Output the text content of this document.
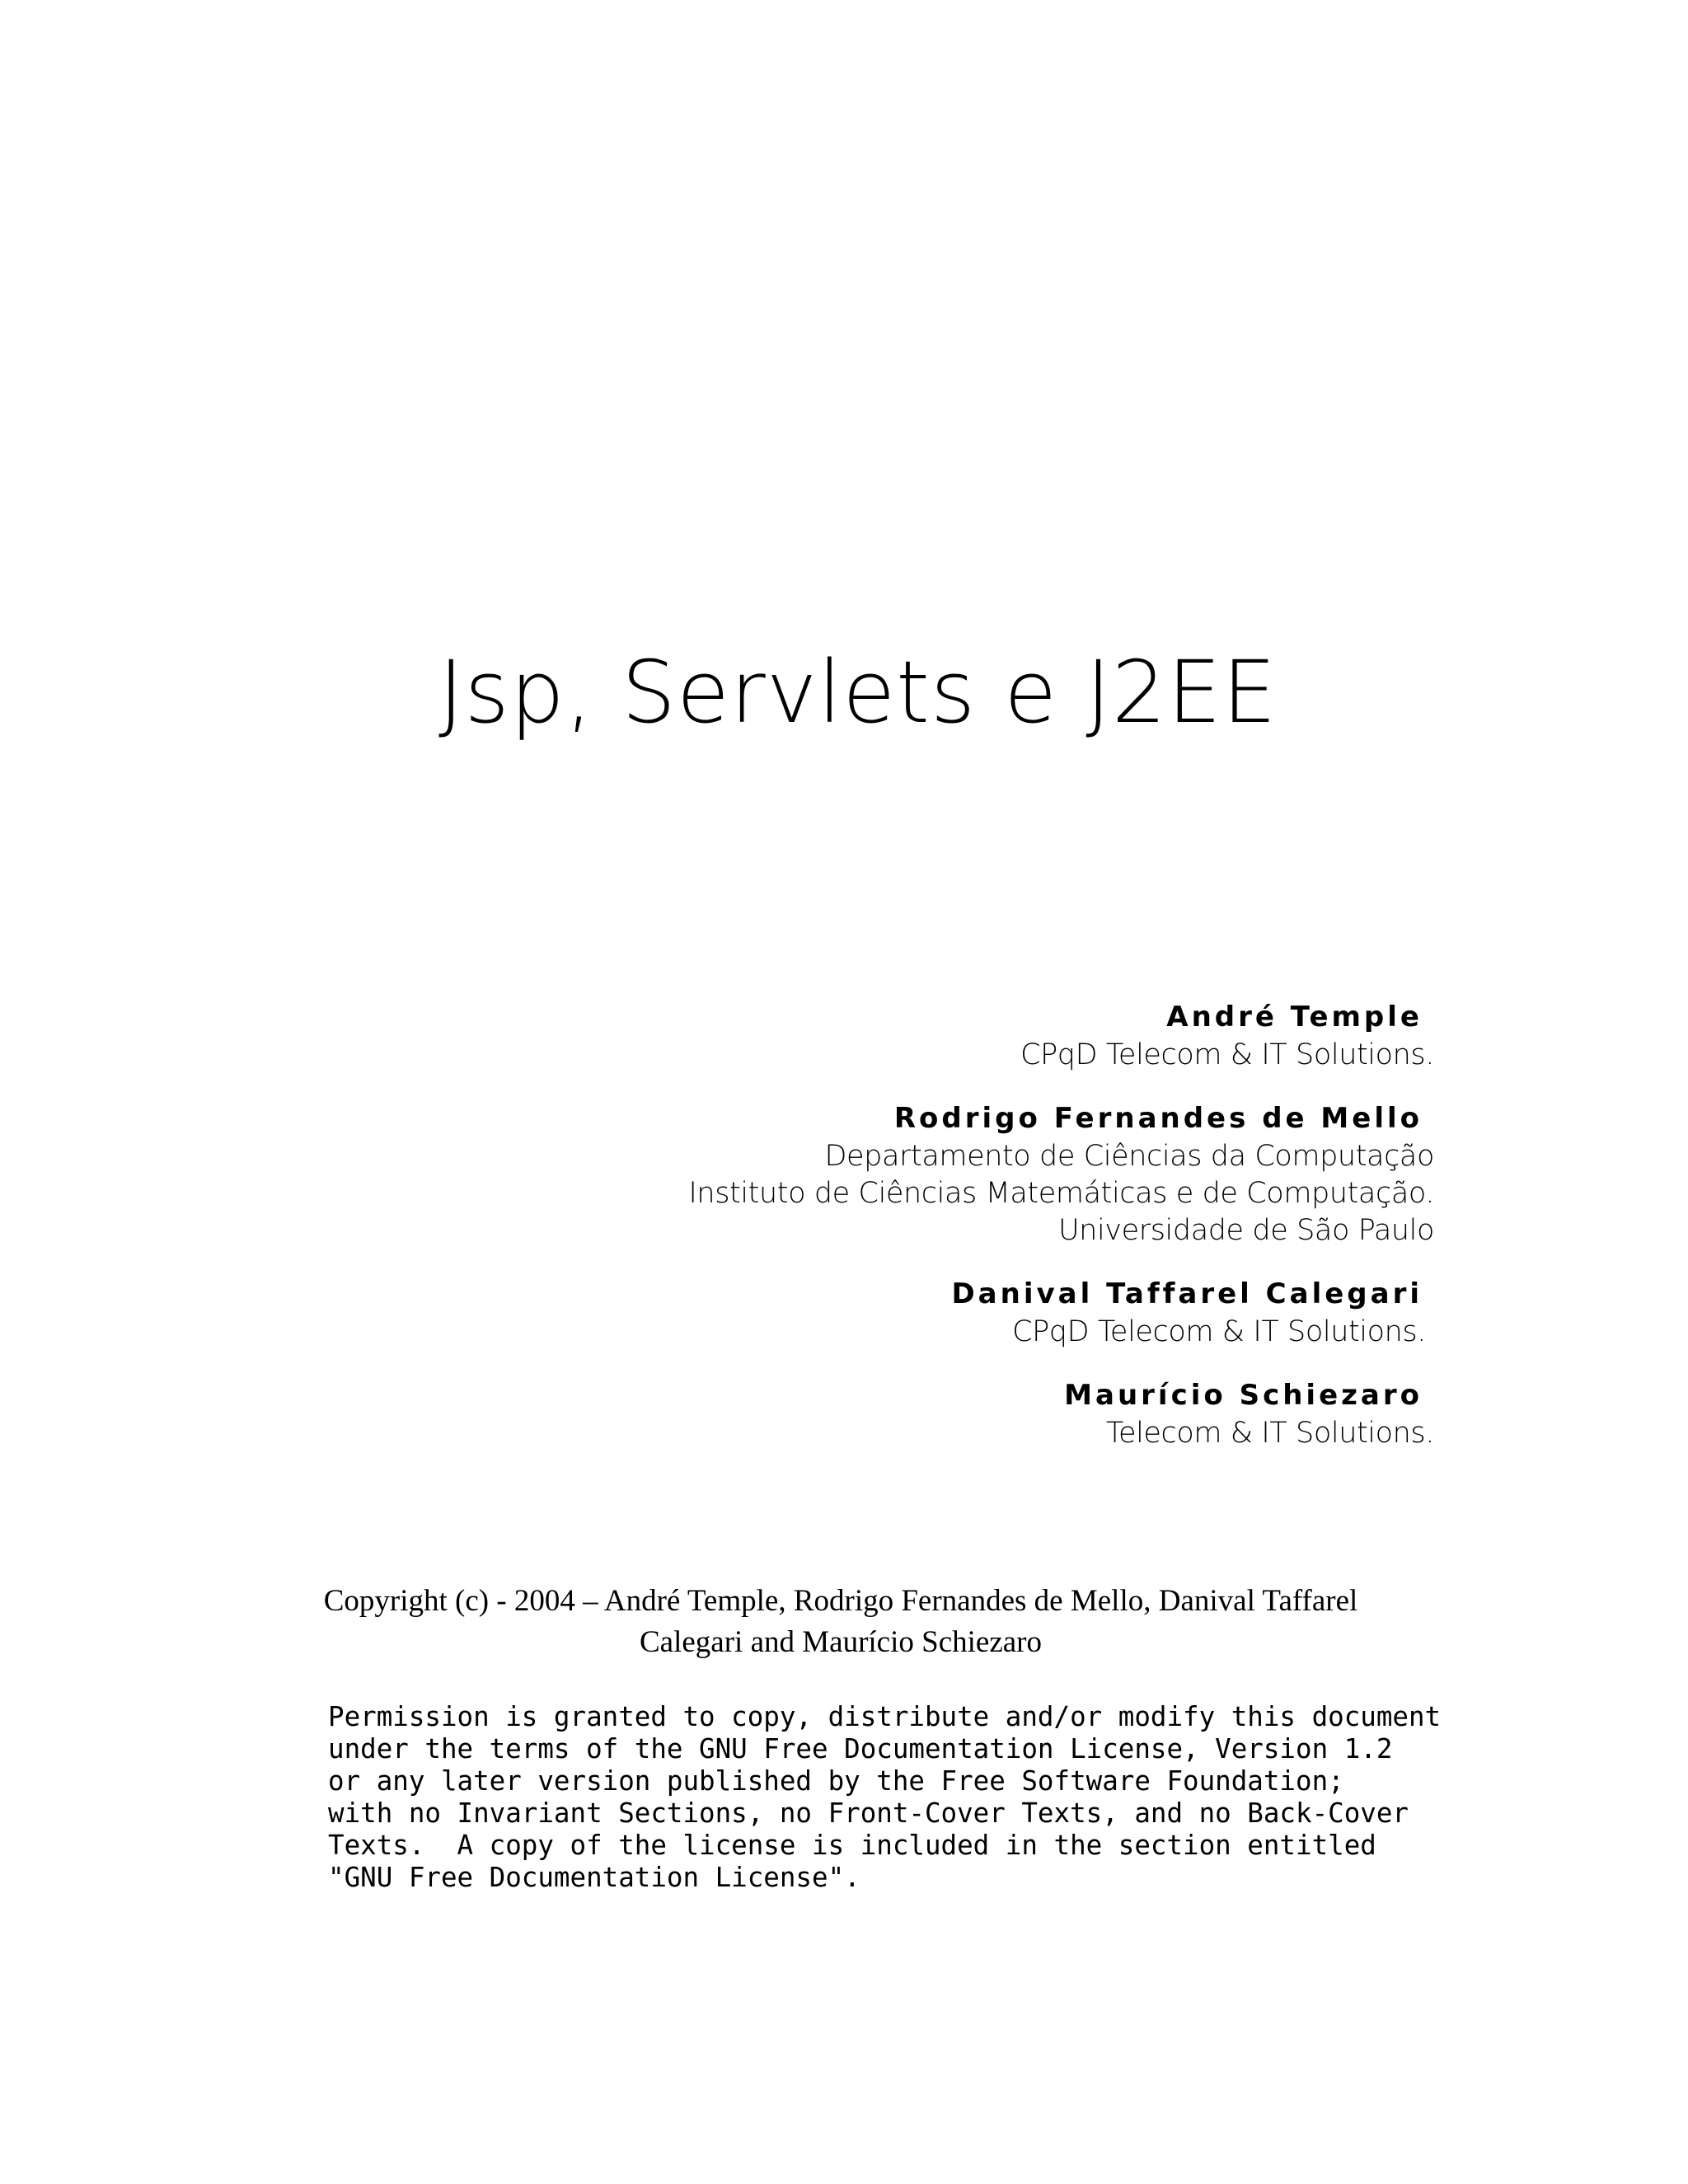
Jsp, Servlets e J2EE
André Temple
CPqD Telecom & IT Solutions.
Rodrigo Fernandes de Mello
Departamento de Ciências da Computação
Instituto de Ciências Matemáticas e de Computação.
Universidade de São Paulo
Danival Taffarel Calegari
CPqD Telecom & IT Solutions.
Maurício Schiezaro
Telecom & IT Solutions.
Copyright (c) - 2004 – André Temple, Rodrigo Fernandes de Mello, Danival Taffarel
Calegari and Maurício Schiezaro
Permission is granted to copy, distribute and/or modify this document
under the terms of the GNU Free Documentation License, Version 1.2
or any later version published by the Free Software Foundation;
with no Invariant Sections, no Front-Cover Texts, and no Back-Cover
Texts.  A copy of the license is included in the section entitled
"GNU Free Documentation License".
